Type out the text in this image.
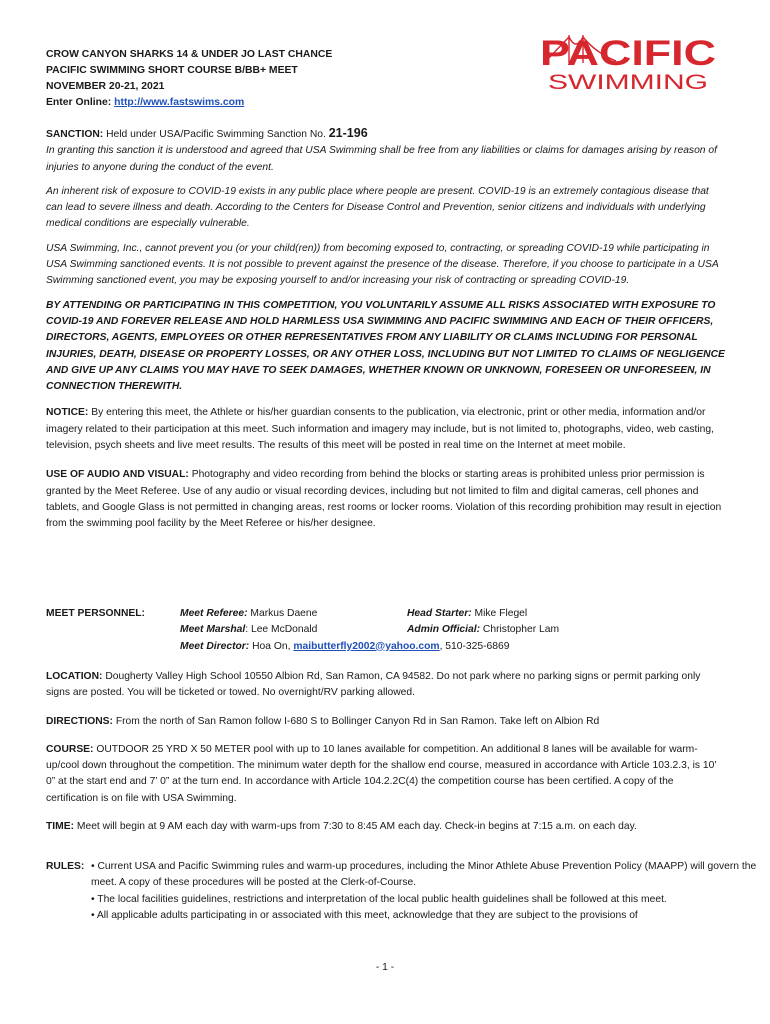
CROW CANYON SHARKS 14 & UNDER JO LAST CHANCE
PACIFIC SWIMMING SHORT COURSE B/BB+ MEET
NOVEMBER 20-21, 2021
Enter Online: http://www.fastswims.com
PACIFIC
SWIMMING

SANCTION: Held under USA/Pacific Swimming Sanction No. 21-196

In granting this sanction it is understood and agreed that USA Swimming shall be free from any liabilities or claims for damages arising by reason of injuries to anyone during the conduct of the event.

An inherent risk of exposure to COVID-19 exists in any public place where people are present. COVID-19 is an extremely contagious disease that can lead to severe illness and death. According to the Centers for Disease Control and Prevention, senior citizens and individuals with underlying medical conditions are especially vulnerable.

USA Swimming, Inc., cannot prevent you (or your child(ren)) from becoming exposed to, contracting, or spreading COVID-19 while participating in USA Swimming sanctioned events. It is not possible to prevent against the presence of the disease. Therefore, if you choose to participate in a USA Swimming sanctioned event, you may be exposing yourself to and/or increasing your risk of contracting or spreading COVID-19.

BY ATTENDING OR PARTICIPATING IN THIS COMPETITION, YOU VOLUNTARILY ASSUME ALL RISKS ASSOCIATED WITH EXPOSURE TO COVID-19 AND FOREVER RELEASE AND HOLD HARMLESS USA SWIMMING AND PACIFIC SWIMMING AND EACH OF THEIR OFFICERS, DIRECTORS, AGENTS, EMPLOYEES OR OTHER REPRESENTATIVES FROM ANY LIABILITY OR CLAIMS INCLUDING FOR PERSONAL INJURIES, DEATH, DISEASE OR PROPERTY LOSSES, OR ANY OTHER LOSS, INCLUDING BUT NOT LIMITED TO CLAIMS OF NEGLIGENCE AND GIVE UP ANY CLAIMS YOU MAY HAVE TO SEEK DAMAGES, WHETHER KNOWN OR UNKNOWN, FORESEEN OR UNFORESEEN, IN CONNECTION THEREWITH.

NOTICE: By entering this meet, the Athlete or his/her guardian consents to the publication, via electronic, print or other media, information and/or imagery related to their participation at this meet. Such information and imagery may include, but is not limited to, photographs, video, web casting, television, psych sheets and live meet results. The results of this meet will be posted in real time on the Internet at meet mobile.

USE OF AUDIO AND VISUAL: Photography and video recording from behind the blocks or starting areas is prohibited unless prior permission is granted by the Meet Referee. Use of any audio or visual recording devices, including but not limited to film and digital cameras, cell phones and tablets, and Google Glass is not permitted in changing areas, rest rooms or locker rooms. Violation of this recording prohibition may result in ejection from the swimming pool facility by the Meet Referee or his/her designee.

MEET PERSONNEL:	Meet Referee: Markus Daene
Meet Marshal: Lee McDonald
Meet Director: Hoa On, maibutterfly2002@yahoo.com, 510-325-6869
Head Starter: Mike Flegel
Admin Official: Christopher Lam

LOCATION: Dougherty Valley High School 10550 Albion Rd, San Ramon, CA 94582. Do not park where no parking signs or permit parking only signs are posted. You will be ticketed or towed. No overnight/RV parking allowed.

DIRECTIONS: From the north of San Ramon follow I-680 S to Bollinger Canyon Rd in San Ramon. Take left on Albion Rd

COURSE: OUTDOOR 25 YRD X 50 METER pool with up to 10 lanes available for competition. An additional 8 lanes will be available for warm-up/cool down throughout the competition. The minimum water depth for the shallow end course, measured in accordance with Article 103.2.3, is 10’ 0” at the start end and 7’ 0” at the turn end. In accordance with Article 104.2.2C(4) the competition course has been certified. A copy of the certification is on file with USA Swimming.

TIME: Meet will begin at 9 AM each day with warm-ups from 7:30 to 8:45 AM each day. Check-in begins at 7:15 a.m. on each day.

RULES: • Current USA and Pacific Swimming rules and warm-up procedures, including the Minor Athlete Abuse Prevention Policy (MAAPP) will govern the meet. A copy of these procedures will be posted at the Clerk-of-Course.

• The local facilities guidelines, restrictions and interpretation of the local public health guidelines shall be followed at this meet.

• All applicable adults participating in or associated with this meet, acknowledge that they are subject to the provisions of

- 1 -
